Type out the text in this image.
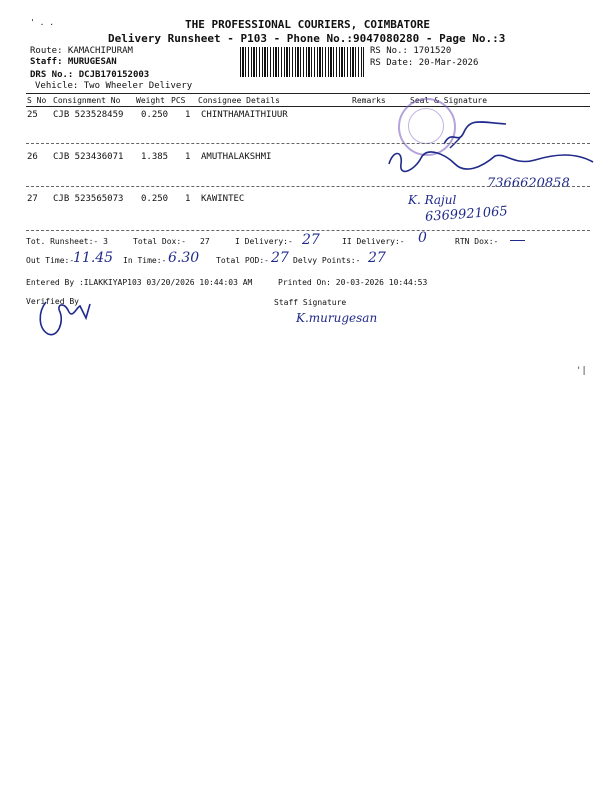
' . .	THE PROFESSIONAL COURIERS, COIMBATORE
Delivery Runsheet - P103 - Phone No.:9047080280 - Page No.:3
Route: KAMACHIPURAM
Staff: MURUGESAN
DRS No.: DCJB170152003
Vehicle: Two Wheeler Delivery
RS No.: 1701520
RS Date: 20-Mar-2026
S No Consignment No Weight PCS Consignee Details	Remarks	Seal & Signature
25 CJB 523528459 0.250 1 CHINTHAMAITHIUUR
26 CJB 523436071 1.385 1 AMUTHALAKSHMI
7366620858
27 CJB 523565073 0.250 1 KAWINTEC	K. Rajul
6369921065
Tot. Runsheet:- 3	Total Dox:- 27	I Delivery:- 27	II Delivery:- 0	RTN Dox:-
Out Time:-
11.45 In Time:- 6.30 Total POD:- 27 Delvy Points:- 27
Entered By :ILAKKIYAP103 03/20/2026 10:44:03 AM	Printed On: 20-03-2026 10:44:53
Verified By	Staff Signature
K.murugesan
'|
